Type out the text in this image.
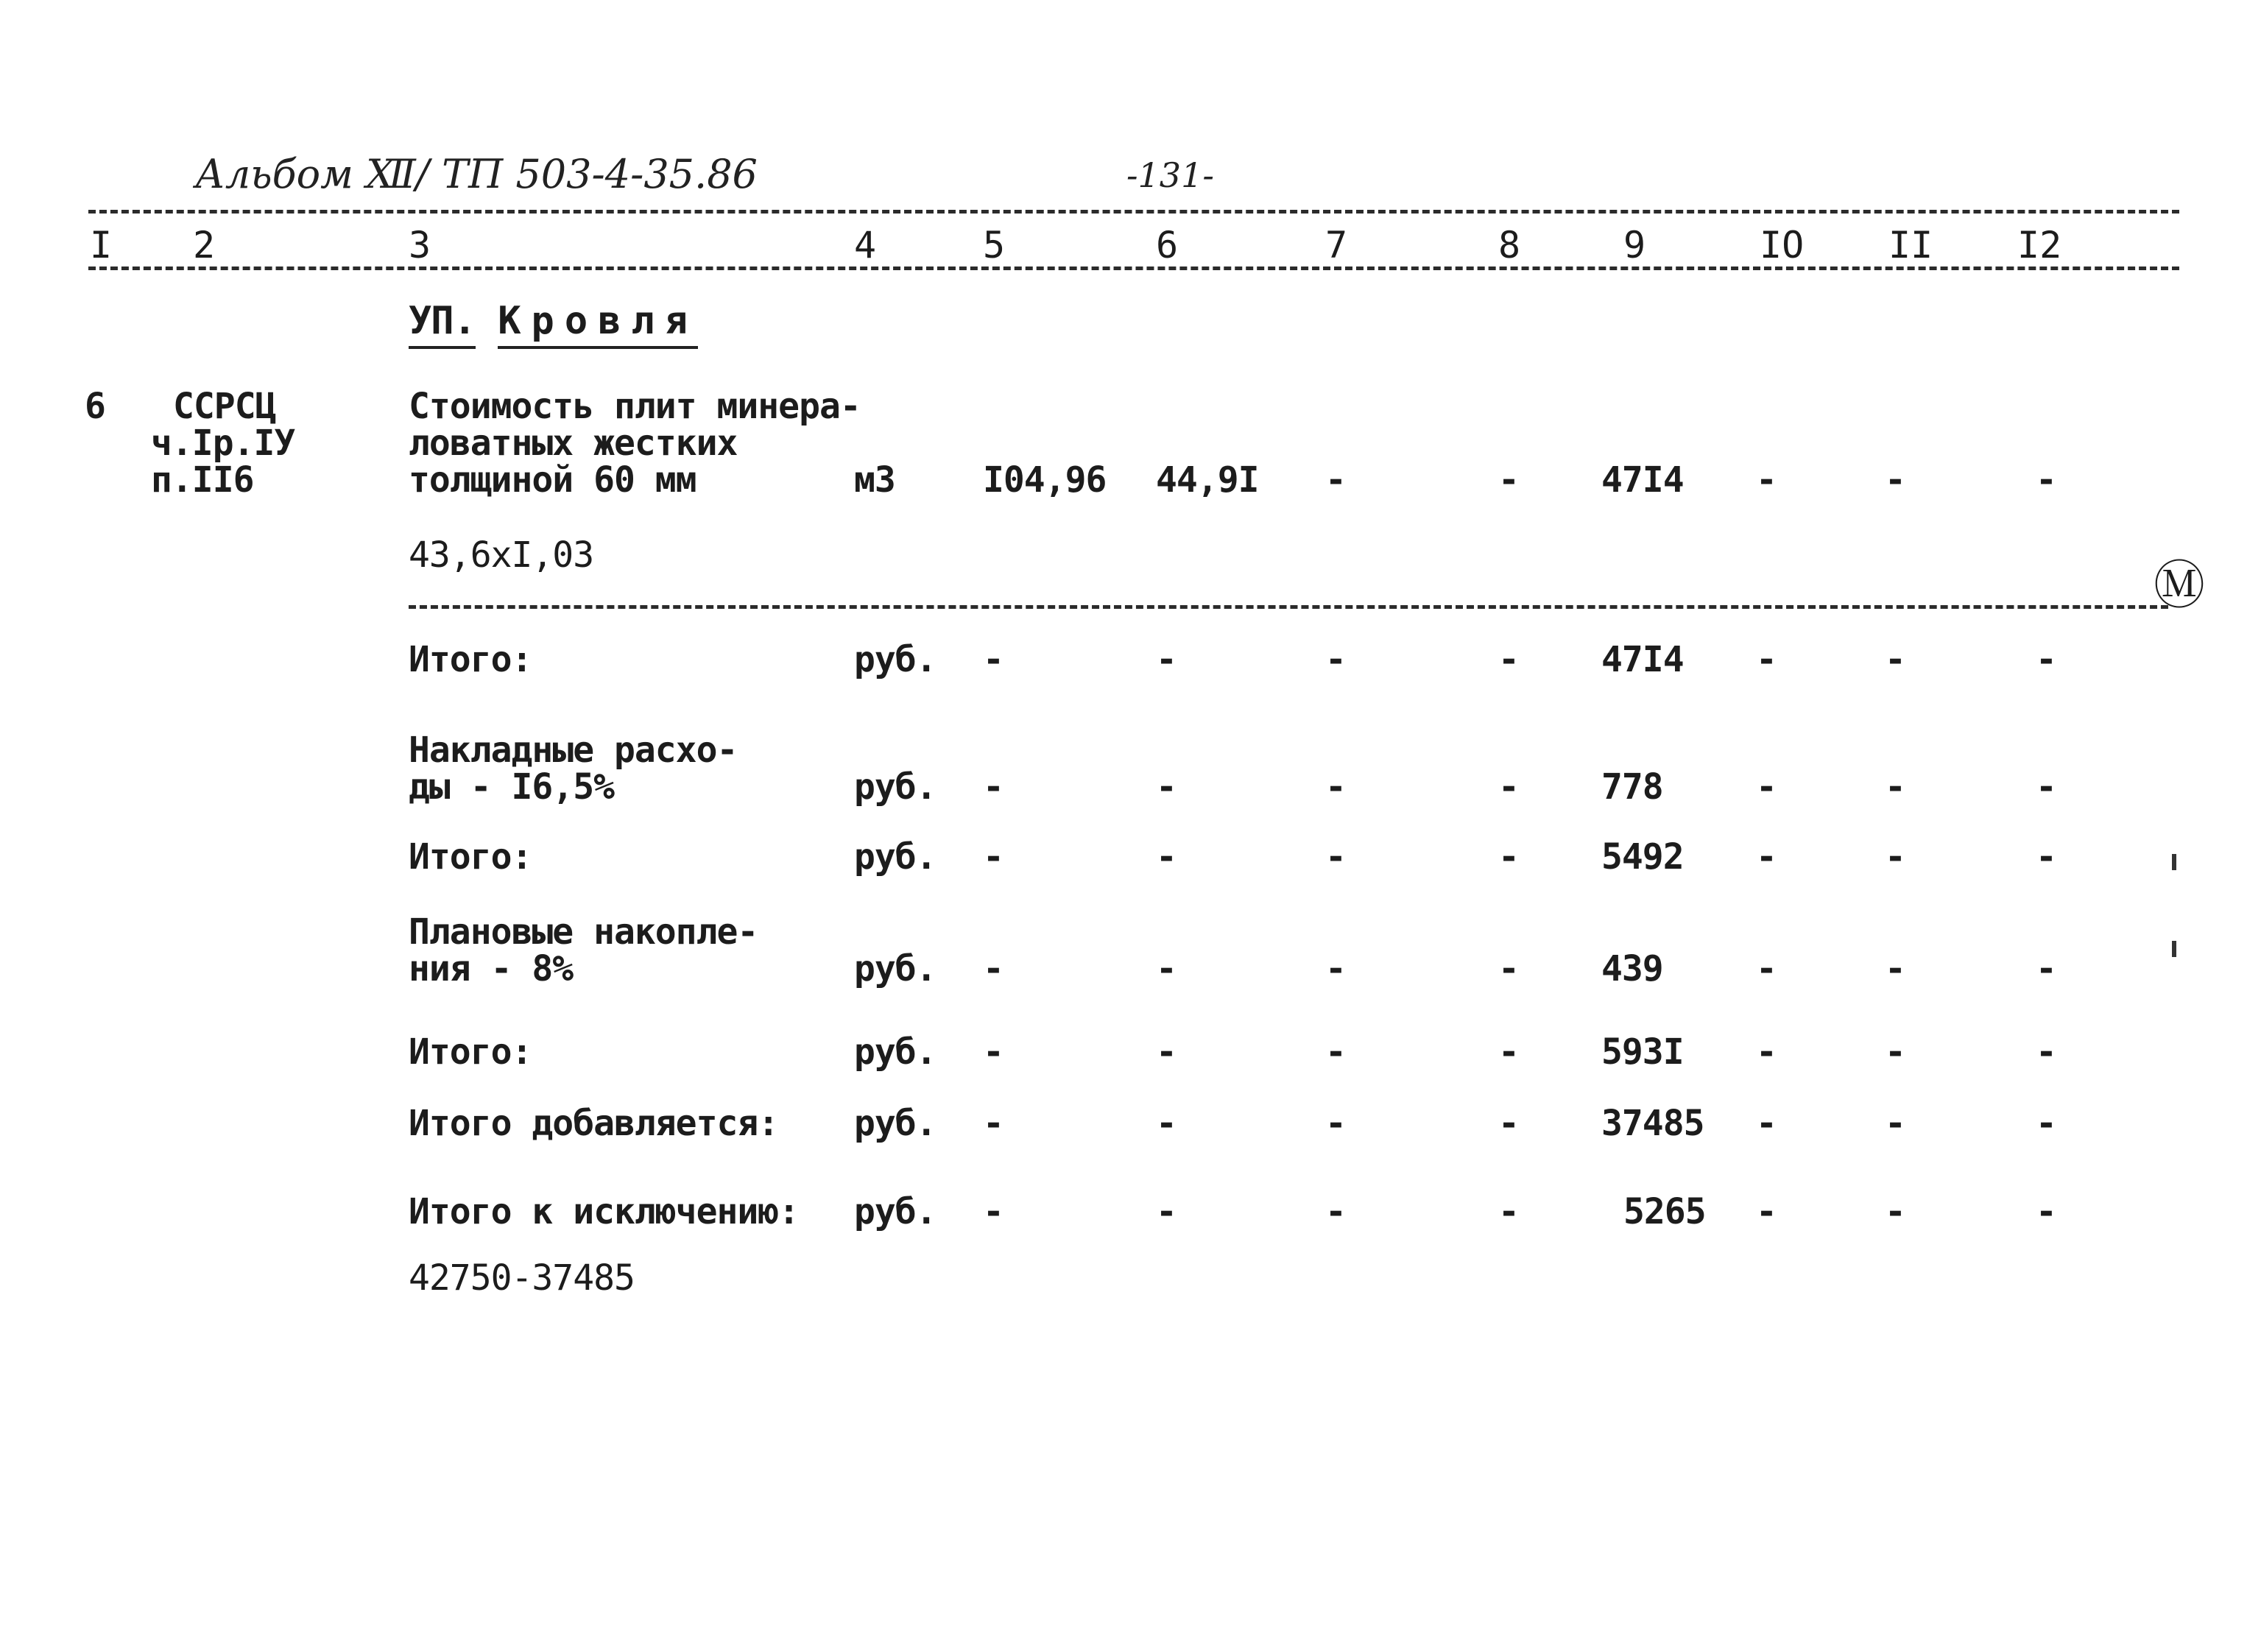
Альбом Ⅻ/ ТП 503-4-35.86	-131-
I 2	3	4	5	6	7	8	9	IO II I2
УП. Кровля
6 ССРСЦ
ч.Iр.IУ
п.II6
Стоимость плит минера-
ловатных жестких
толщиной 60 мм	м3 I04,96 44,9I -	- 47I4 -	-	-
43,6xI,03	Ⓜ
Итого:	руб. -	-	-	- 47I4 -	-	-
Накладные расхо-
ды - I6,5%	руб. -	-	-	- 778	-	-	-
Итого:	руб. -	-	-	- 5492 -	-	-
Плановые накопле-
ния - 8%	руб. -	-	-	- 439	-	-	-
Итого:	руб. -	-	-	- 593I -	-	-
Итого добавляется: руб. -	-	-	- 37485 -	-	-
Итого к исключению: руб. -	-	-	-	5265 -	-	-
42750-37485
